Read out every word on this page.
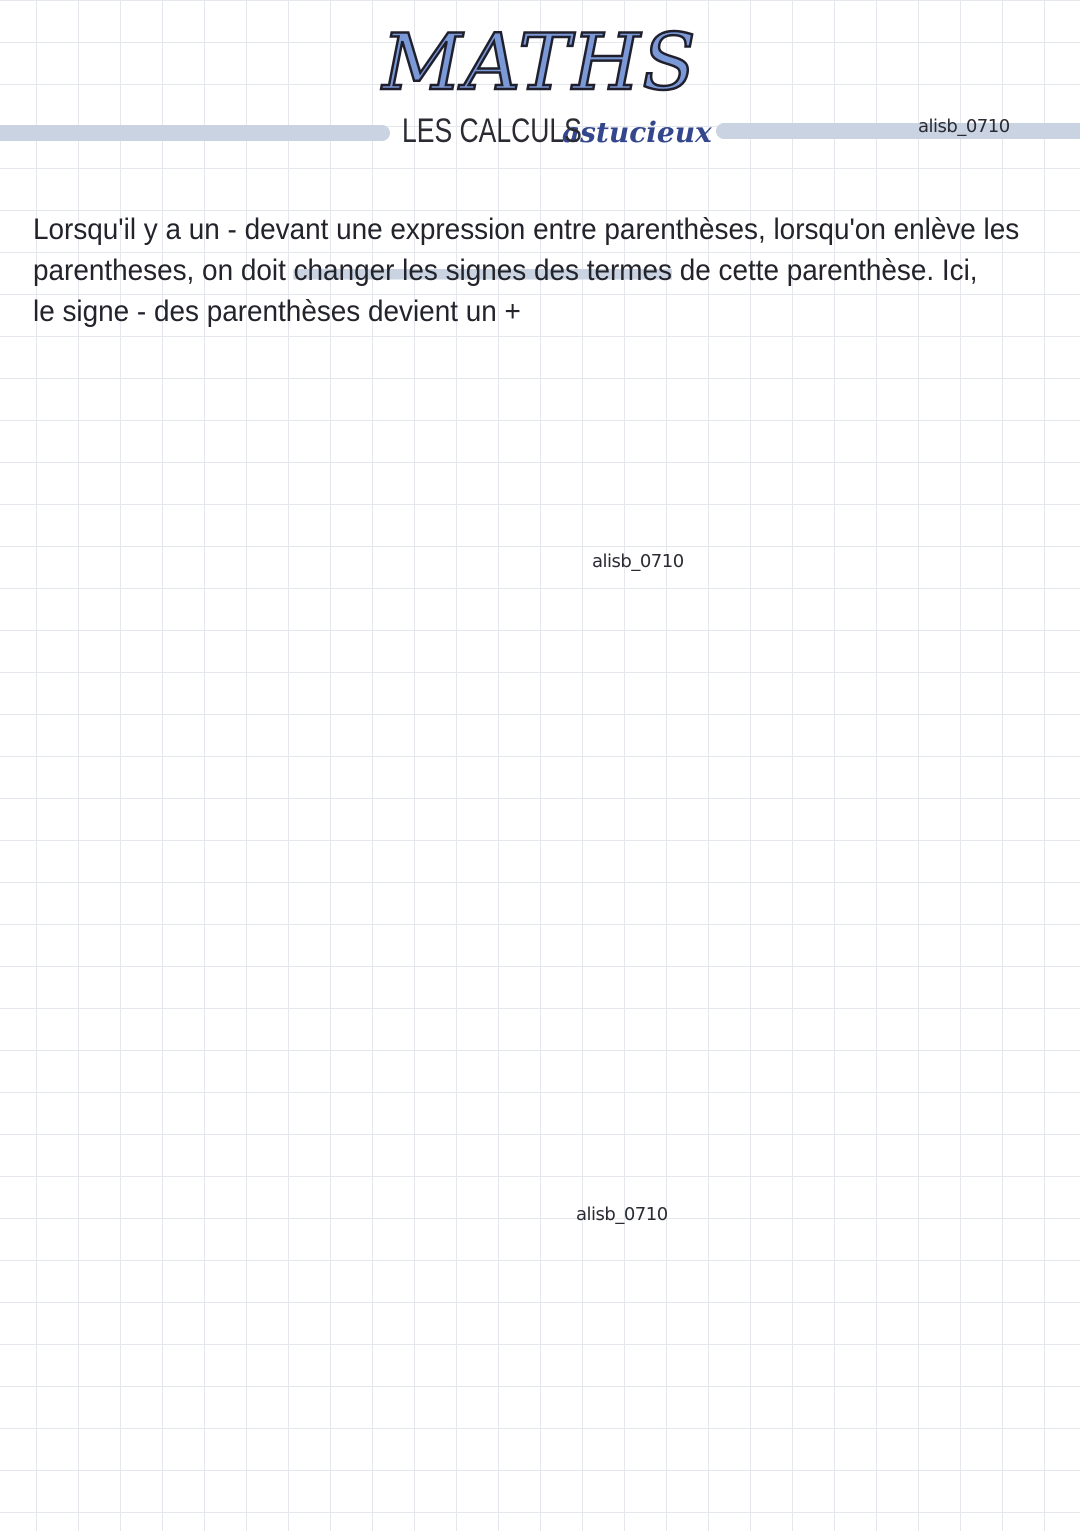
MATHS
LES CALCULS
astucieux	alisb_0710
Lorsqu'il y a un - devant une expression entre parenthèses, lorsqu'on enlève les
parentheses, on doit changer les signes des termes de cette parenthèse. Ici,
le signe - des parenthèses devient un +
alisb_0710
alisb_0710
